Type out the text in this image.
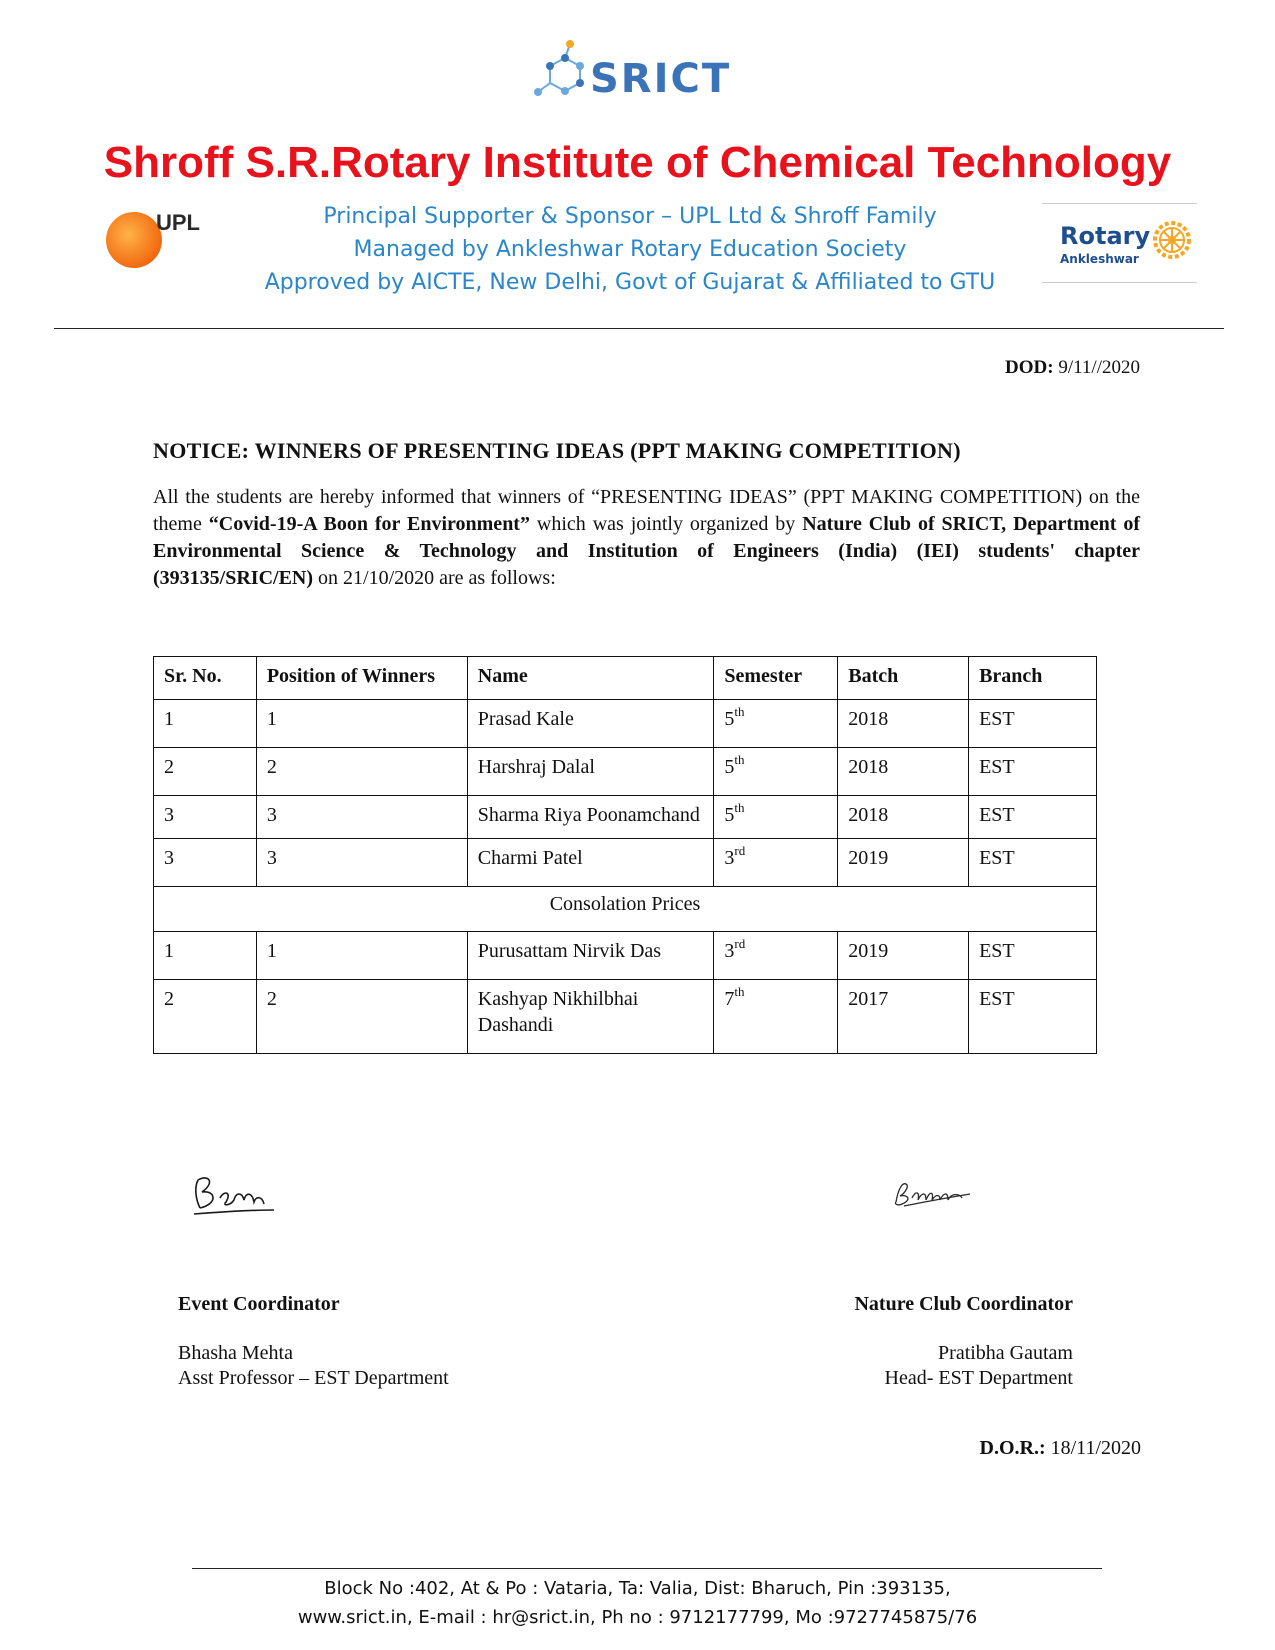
SRICT
Shroff S.R.Rotary Institute of Chemical Technology
UPL	Principal Supporter & Sponsor – UPL Ltd & Shroff Family
Managed by Ankleshwar Rotary Education Society
Approved by AICTE, New Delhi, Govt of Gujarat & Affiliated to GTU
Rotary
Ankleshwar
DOD: 9/11//2020
NOTICE: WINNERS OF PRESENTING IDEAS (PPT MAKING COMPETITION)
All the students are hereby informed that winners of “PRESENTING IDEAS” (PPT MAKING COMPETITION) on the theme “Covid-19-A Boon for Environment” which was jointly organized by Nature Club of SRICT, Department of Environmental Science & Technology and Institution of Engineers (India) (IEI) students' chapter (393135/SRIC/EN) on 21/10/2020 are as follows:
Sr. No.	Position of Winners	Name	Semester	Batch	Branch
1	1	Prasad Kale	5th	2018	EST
2	2	Harshraj Dalal	5th	2018	EST
3	3	Sharma Riya Poonamchand	5th	2018	EST
3	3	Charmi Patel	3rd	2019	EST
Consolation Prices					
1	1	Purusattam Nirvik Das	3rd	2019	EST
2	2	Kashyap Nikhilbhai Dashandi	7th	2017	EST
Event Coordinator
Bhasha Mehta
Asst Professor – EST Department
Nature Club Coordinator
Pratibha Gautam
Head- EST Department
D.O.R.: 18/11/2020
Block No :402, At & Po : Vataria, Ta: Valia, Dist: Bharuch, Pin :393135,
www.srict.in, E-mail : hr@srict.in, Ph no : 9712177799, Mo :9727745875/76
